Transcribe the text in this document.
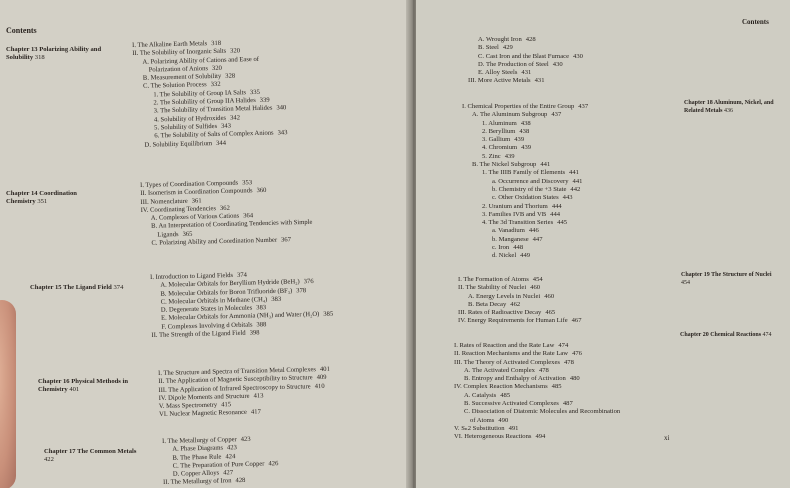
Contents
Chapter 13 Polarizing Ability and Solubility 318
I. The Alkaline Earth Metals 318
II. The Solubility of Inorganic Salts 320
A. Polarizing Ability of Cations and Ease of
Polarization of Anions 320
B. Measurement of Solubility 328
C. The Solution Process 332
1. The Solubility of Group IA Salts 335
2. The Solubility of Group IIA Halides 339
3. The Solubility of Transition Metal Halides 340
4. Solubility of Hydroxides 342
5. Solubility of Sulfides 343
6. The Solubility of Salts of Complex Anions 343
D. Solubility Equilibrium 344
Chapter 14 Coordination Chemistry 351
I. Types of Coordination Compounds 353
II. Isomerism in Coordination Compounds 360
III. Nomenclature 361
IV. Coordinating Tendencies 362
A. Complexes of Various Cations 364
B. An Interpretation of Coordinating Tendencies with Simple
Ligands 365
C. Polarizing Ability and Coordination Number 367
Chapter 15 The Ligand Field 374
I. Introduction to Ligand Fields 374
A. Molecular Orbitals for Beryllium Hydride (BeH₂) 376
B. Molecular Orbitals for Boron Trifluoride (BF₃) 378
C. Molecular Orbitals in Methane (CH₄) 383
D. Degenerate States in Molecules 383
E. Molecular Orbitals for Ammonia (NH₃) and Water (H₂O) 385
F. Complexes Involving d Orbitals 388
II. The Strength of the Ligand Field 398
Chapter 16 Physical Methods in Chemistry 401
I. The Structure and Spectra of Transition Metal Complexes 401
II. The Application of Magnetic Susceptibility to Structure 409
III. The Application of Infrared Spectroscopy to Structure 410
IV. Dipole Moments and Structure 413
V. Mass Spectrometry 415
VI. Nuclear Magnetic Resonance 417
Chapter 17 The Common Metals 422
I. The Metallurgy of Copper 423
A. Phase Diagrams 423
B. The Phase Rule 424
C. The Preparation of Pure Copper 426
D. Copper Alloys 427
II. The Metallurgy of Iron 428
Contents
A. Wrought Iron 428
B. Steel 429
C. Cast Iron and the Blast Furnace 430
D. The Production of Steel 430
E. Alloy Steels 431
III. More Active Metals 431
Chapter 18 Aluminum, Nickel, and Related Metals 436
I. Chemical Properties of the Entire Group 437
A. The Aluminum Subgroup 437
1. Aluminum 438
2. Beryllium 438
3. Gallium 439
4. Chromium 439
5. Zinc 439
B. The Nickel Subgroup 441
1. The IIIB Family of Elements 441
a. Occurrence and Discovery 441
b. Chemistry of the +3 State 442
c. Other Oxidation States 443
2. Uranium and Thorium 444
3. Families IVB and VB 444
4. The 3d Transition Series 445
a. Vanadium 446
b. Manganese 447
c. Iron 448
d. Nickel 449
Chapter 19 The Structure of Nuclei 454
I. The Formation of Atoms 454
II. The Stability of Nuclei 460
A. Energy Levels in Nuclei 460
B. Beta Decay 462
III. Rates of Radioactive Decay 465
IV. Energy Requirements for Human Life 467
Chapter 20 Chemical Reactions 474
I. Rates of Reaction and the Rate Law 474
II. Reaction Mechanisms and the Rate Law 476
III. The Theory of Activated Complexes 478
A. The Activated Complex 478
B. Entropy and Enthalpy of Activation 480
IV. Complex Reaction Mechanisms 485
A. Catalysis 485
B. Successive Activated Complexes 487
C. Dissociation of Diatomic Molecules and Recombination
of Atoms 490
V. Sₙ2 Substitution 491
VI. Heterogeneous Reactions 494	xi
